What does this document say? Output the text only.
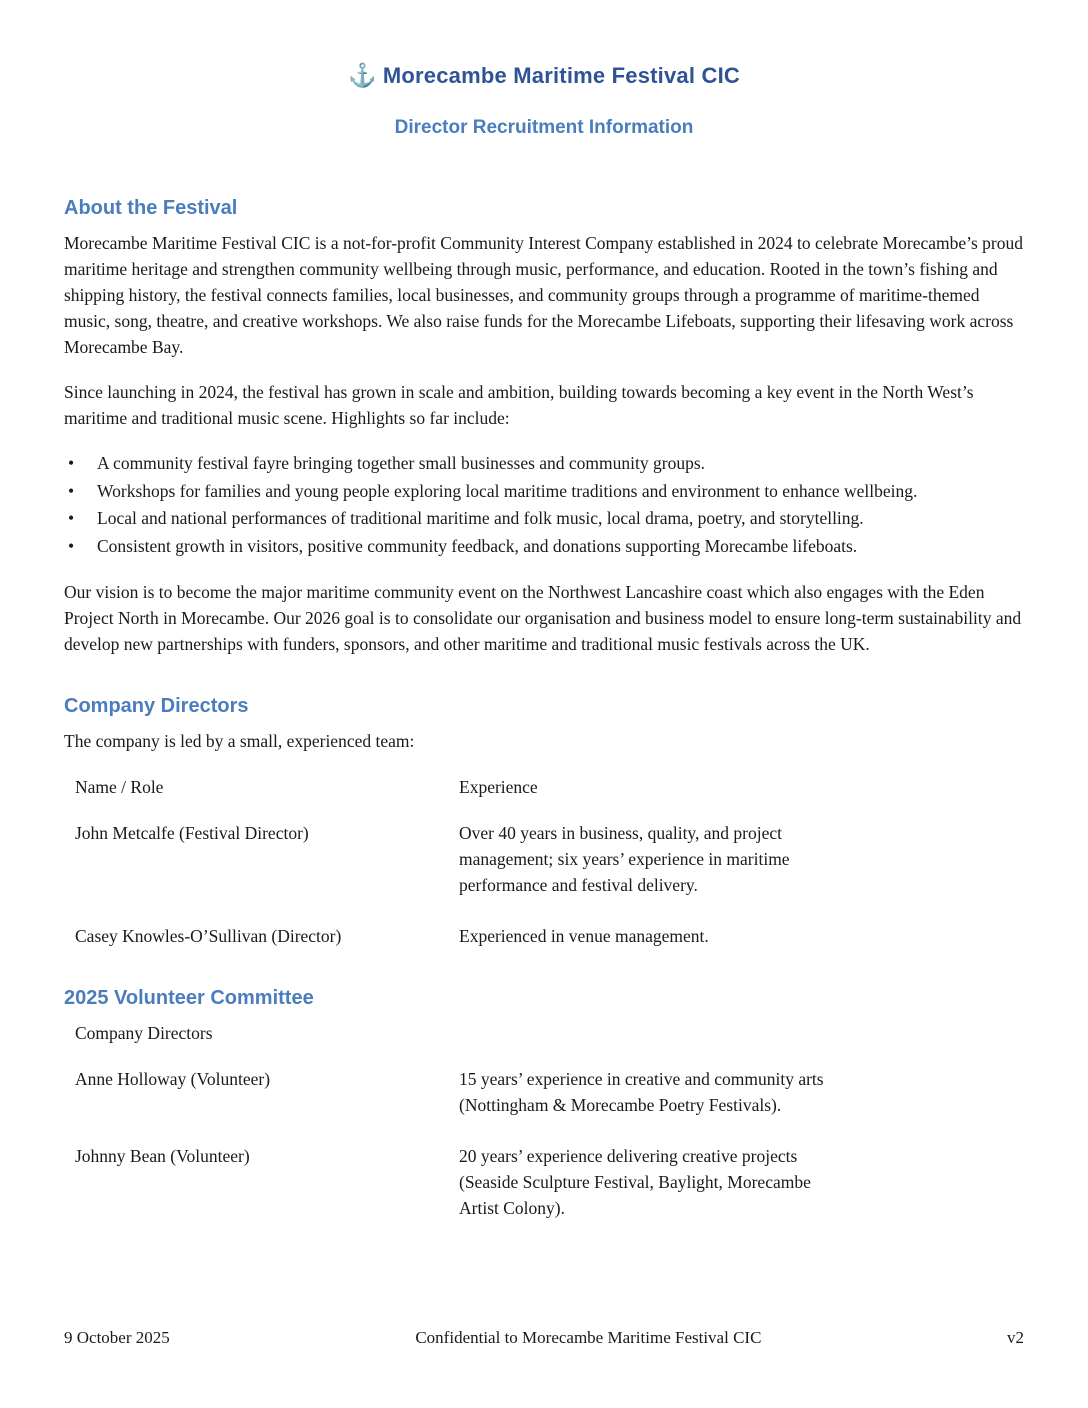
⚓ Morecambe Maritime Festival CIC
Director Recruitment Information
About the Festival

Morecambe Maritime Festival CIC is a not-for-profit Community Interest Company established in 2024 to celebrate Morecambe’s proud maritime heritage and strengthen community wellbeing through music, performance, and education. Rooted in the town’s fishing and shipping history, the festival connects families, local businesses, and community groups through a programme of maritime-themed music, song, theatre, and creative workshops. We also raise funds for the Morecambe Lifeboats, supporting their lifesaving work across Morecambe Bay.

Since launching in 2024, the festival has grown in scale and ambition, building towards becoming a key event in the North West’s maritime and traditional music scene. Highlights so far include:

• A community festival fayre bringing together small businesses and community groups.
• Workshops for families and young people exploring local maritime traditions and environment to enhance wellbeing.
• Local and national performances of traditional maritime and folk music, local drama, poetry, and storytelling.
• Consistent growth in visitors, positive community feedback, and donations supporting Morecambe lifeboats.

Our vision is to become the major maritime community event on the Northwest Lancashire coast which also engages with the Eden Project North in Morecambe. Our 2026 goal is to consolidate our organisation and business model to ensure long-term sustainability and develop new partnerships with funders, sponsors, and other maritime and traditional music festivals across the UK.

Company Directors

The company is led by a small, experienced team:

Name / Role	Experience
John Metcalfe (Festival Director)	Over 40 years in business, quality, and project management; six years’ experience in maritime performance and festival delivery.
Casey Knowles-O’Sullivan (Director)	Experienced in venue management.
2025 Volunteer Committee
Company Directors
Anne Holloway (Volunteer)	15 years’ experience in creative and community arts (Nottingham & Morecambe Poetry Festivals).
Johnny Bean (Volunteer)	20 years’ experience delivering creative projects (Seaside Sculpture Festival, Baylight, Morecambe Artist Colony).
9 October 2025	Confidential to Morecambe Maritime Festival CIC	v2
